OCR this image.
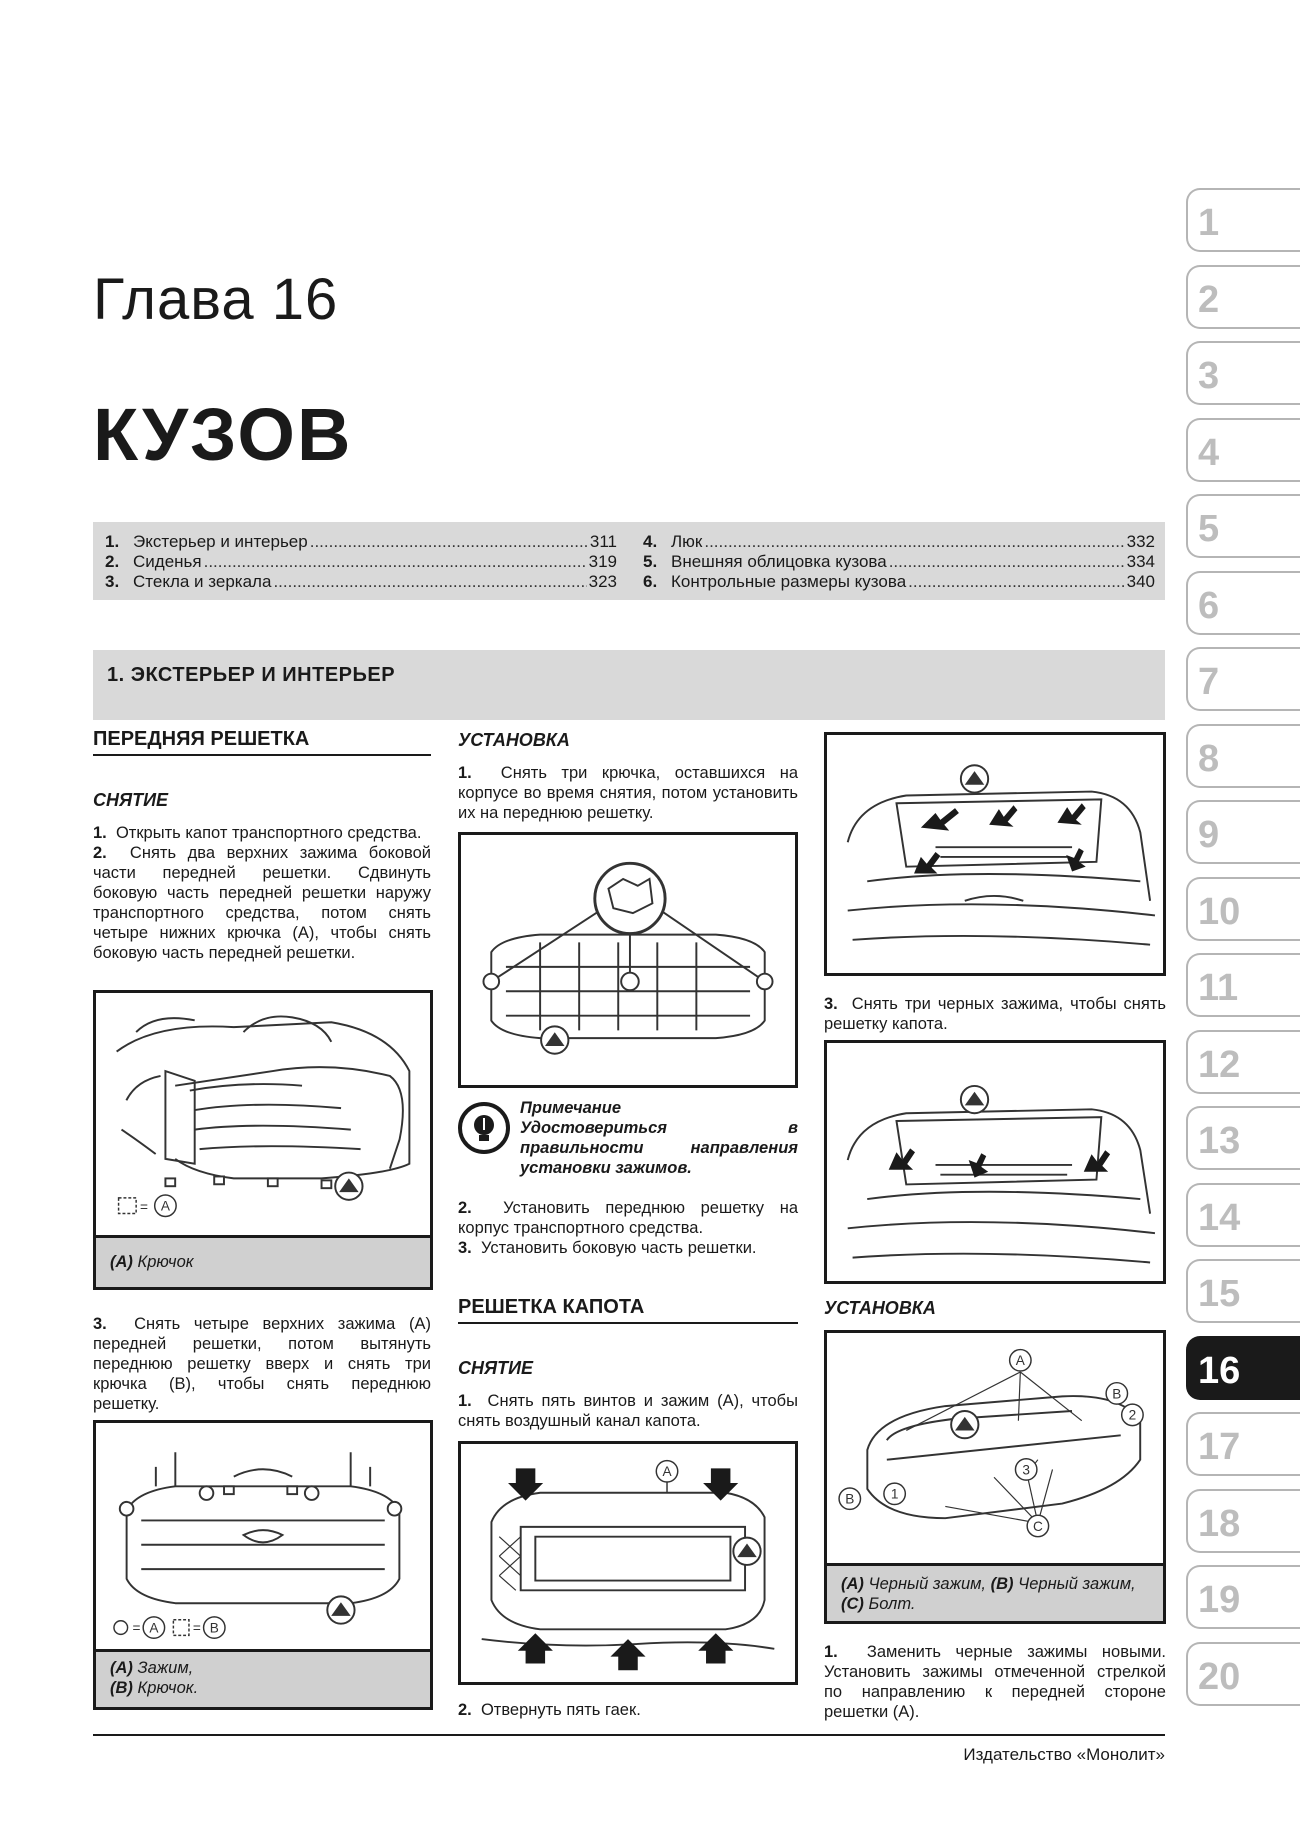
Глава 16
КУЗОВ
1. Экстерьер и интерьер .....	311
2. Сиденья .....	319
3. Стекла и зеркала .....	323
4. Люк .....	332
5. Внешняя облицовка кузова .....	334
6. Контрольные размеры кузова .....	340
1. ЭКСТЕРЬЕР И ИНТЕРЬЕР
1
2
3
4
5
6
7
8
9
10
11
12
13
14
15
16
17
18
19
20
ПЕРЕДНЯЯ РЕШЕТКА
СНЯТИЕ
1. Открыть капот транспортного средства.
2. Снять два верхних зажима боковой части передней решетки. Сдвинуть боковую часть передней решетки наружу транспортного средства, потом снять четыре нижних крючка (А), чтобы снять боковую часть передней решетки.
= A
(А) Крючок
3. Снять четыре верхних зажима (А) передней решетки, потом вытянуть переднюю решетку вверх и снять три крючка (В), чтобы снять переднюю решетку.
= A = B
(А) Зажим,
(В) Крючок.
УСТАНОВКА
1. Снять три крючка, оставшихся на корпусе во время снятия, потом установить их на переднюю решетку.
Примечание
Удостовериться в правильности направления установки зажимов.
2. Установить переднюю решетку на корпус транспортного средства.
3. Установить боковую часть решетки.
РЕШЕТКА КАПОТА
СНЯТИЕ
1. Снять пять винтов и зажим (А), чтобы снять воздушный канал капота.
A
2. Отвернуть пять гаек.
3. Снять три черных зажима, чтобы снять решетку капота.
УСТАНОВКА
A
B
2
3
B	1
C
(А) Черный зажим, (В) Черный зажим, (С) Болт.
1. Заменить черные зажимы новыми. Установить зажимы отмеченной стрелкой по направлению к передней стороне решетки (А).
Издательство «Монолит»
